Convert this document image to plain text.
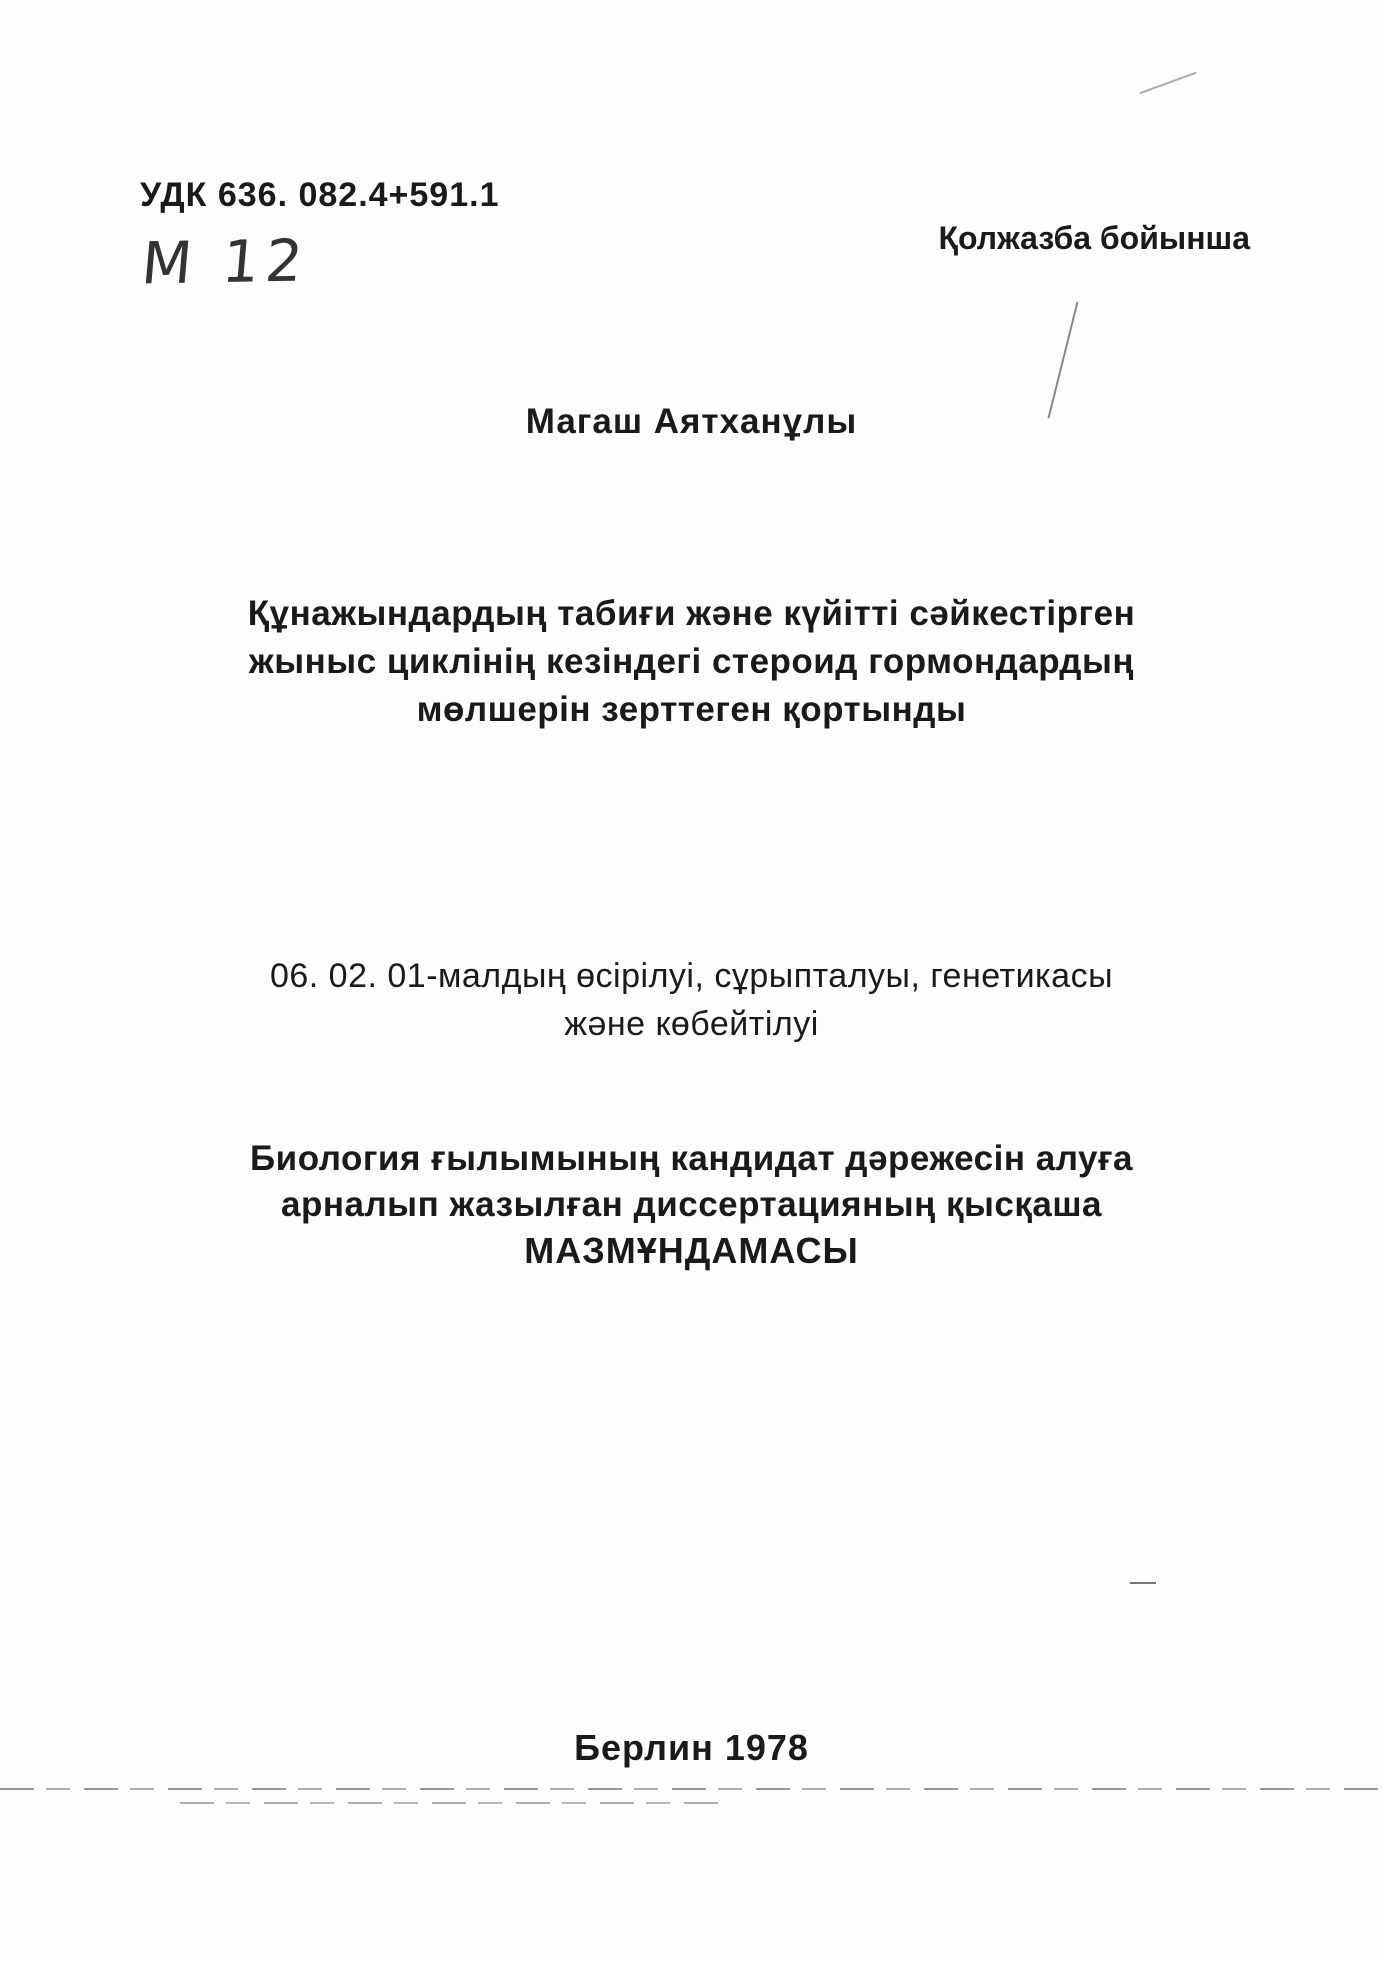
УДК 636. 082.4+591.1
М 12	Қолжазба бойынша
Магаш Аятханұлы
Құнажындардың табиғи және күйітті сәйкестірген
жыныс циклінің кезіндегі стероид гормондардың
мөлшерін зерттеген қортынды
06. 02. 01-малдың өсірілуі, сұрыпталуы, генетикасы
және көбейтілуі
Биология ғылымының кандидат дәрежесін алуға
арналып жазылған диссертацияның қысқаша
МАЗМҰНДАМАСЫ
Берлин 1978
